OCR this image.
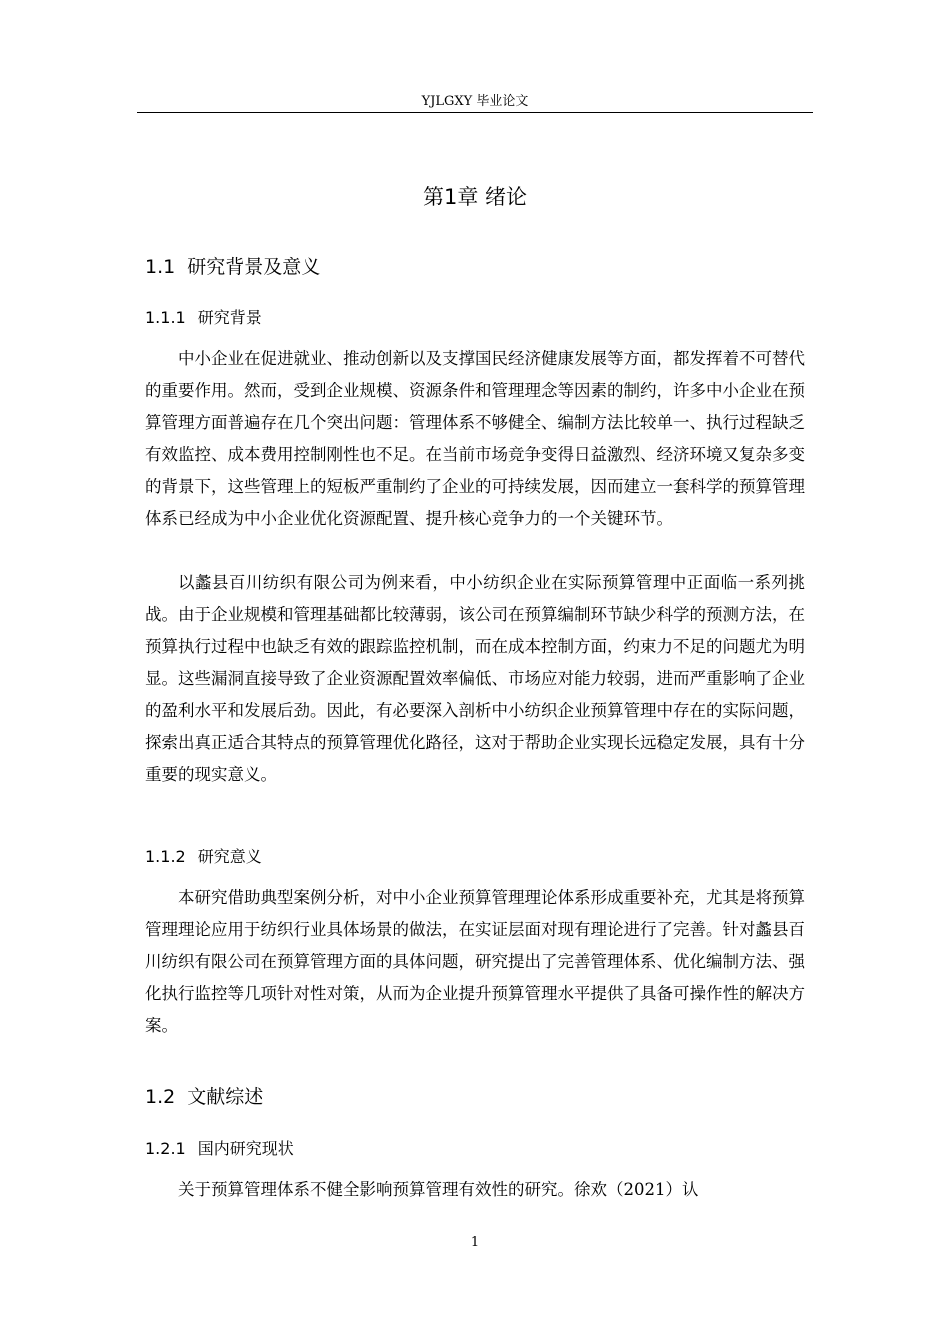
YJLGXY 毕业论文
第1章 绪论
1.1 研究背景及意义
1.1.1 研究背景

中小企业在促进就业、推动创新以及支撑国民经济健康发展等方面，都发挥着不可替代的重要作用。然而，受到企业规模、资源条件和管理理念等因素的制约，许多中小企业在预算管理方面普遍存在几个突出问题：管理体系不够健全、编制方法比较单一、执行过程缺乏有效监控、成本费用控制刚性也不足。在当前市场竞争变得日益激烈、经济环境又复杂多变的背景下，这些管理上的短板严重制约了企业的可持续发展，因而建立一套科学的预算管理体系已经成为中小企业优化资源配置、提升核心竞争力的一个关键环节。

以蠡县百川纺织有限公司为例来看，中小纺织企业在实际预算管理中正面临一系列挑战。由于企业规模和管理基础都比较薄弱，该公司在预算编制环节缺少科学的预测方法，在预算执行过程中也缺乏有效的跟踪监控机制，而在成本控制方面，约束力不足的问题尤为明显。这些漏洞直接导致了企业资源配置效率偏低、市场应对能力较弱，进而严重影响了企业的盈利水平和发展后劲。因此，有必要深入剖析中小纺织企业预算管理中存在的实际问题，探索出真正适合其特点的预算管理优化路径，这对于帮助企业实现长远稳定发展，具有十分重要的现实意义。

1.1.2 研究意义

本研究借助典型案例分析，对中小企业预算管理理论体系形成重要补充，尤其是将预算管理理论应用于纺织行业具体场景的做法，在实证层面对现有理论进行了完善。针对蠡县百川纺织有限公司在预算管理方面的具体问题，研究提出了完善管理体系、优化编制方法、强化执行监控等几项针对性对策，从而为企业提升预算管理水平提供了具备可操作性的解决方案。

1.2 文献综述
1.2.1 国内研究现状

关于预算管理体系不健全影响预算管理有效性的研究。徐欢（2021）认

1
